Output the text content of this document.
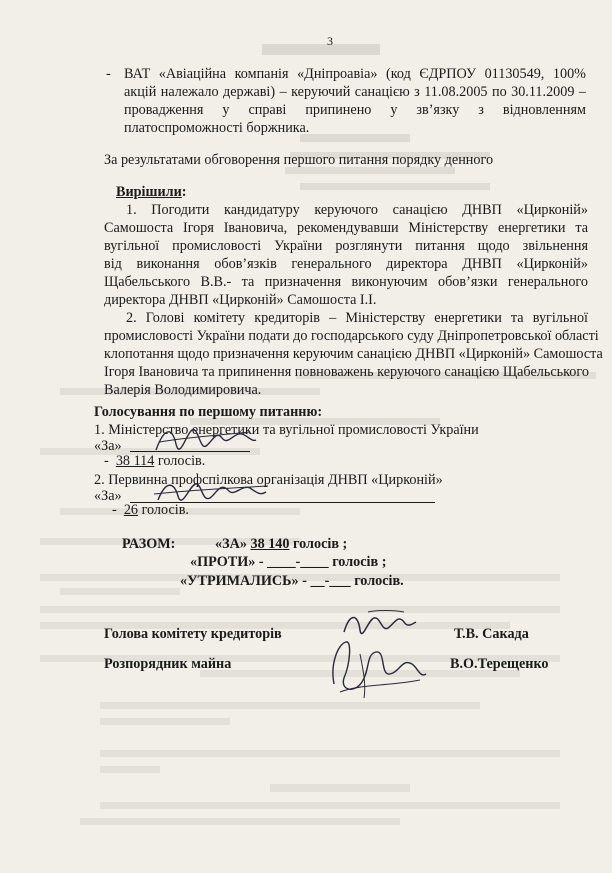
3
- ВАТ «Авіаційна компанія «Дніпроавіа» (код ЄДРПОУ 01130549, 100%
акцій належало державі) – керуючий санацією з 11.08.2005 по 30.11.2009 –
провадження у справі припинено у зв’язку з відновленням
платоспроможності боржника.
За результатами обговорення першого питання порядку денного
Вирішили:
1. Погодити кандидатуру керуючого санацією ДНВП «Цирконій»
Самошоста Ігоря Івановича, рекомендувавши Міністерству енергетики та
вугільної промисловості України розглянути питання щодо звільнення
від виконання обов’язків генерального директора ДНВП «Цирконій»
Щабельського В.В.- та призначення виконуючим обов’язки генерального
директора ДНВП «Цирконій» Самошоста І.І.
2. Голові комітету кредиторів – Міністерству енергетики та вугільної
промисловості України подати до господарського суду Дніпропетровської області
клопотання щодо призначення керуючим санацією ДНВП «Цирконій» Самошоста
Ігоря Івановича та припинення повноважень керуючого санацією Щабельського
Валерія Володимировича.
Голосування по першому питанню:
1. Міністерство енергетики та вугільної промисловості України
«За»
-  38 114 голосів.
2. Первинна профспілкова організація ДНВП «Цирконій»
«За»
-  26 голосів.
РАЗОМ:	«ЗА» 38 140 голосів ;
«ПРОТИ» - ____-____ голосів ;
«УТРИМАЛИСЬ» - __-___ голосів.
Голова комітету кредиторів	Т.В. Сакада
Розпорядник майна	В.О.Терещенко
